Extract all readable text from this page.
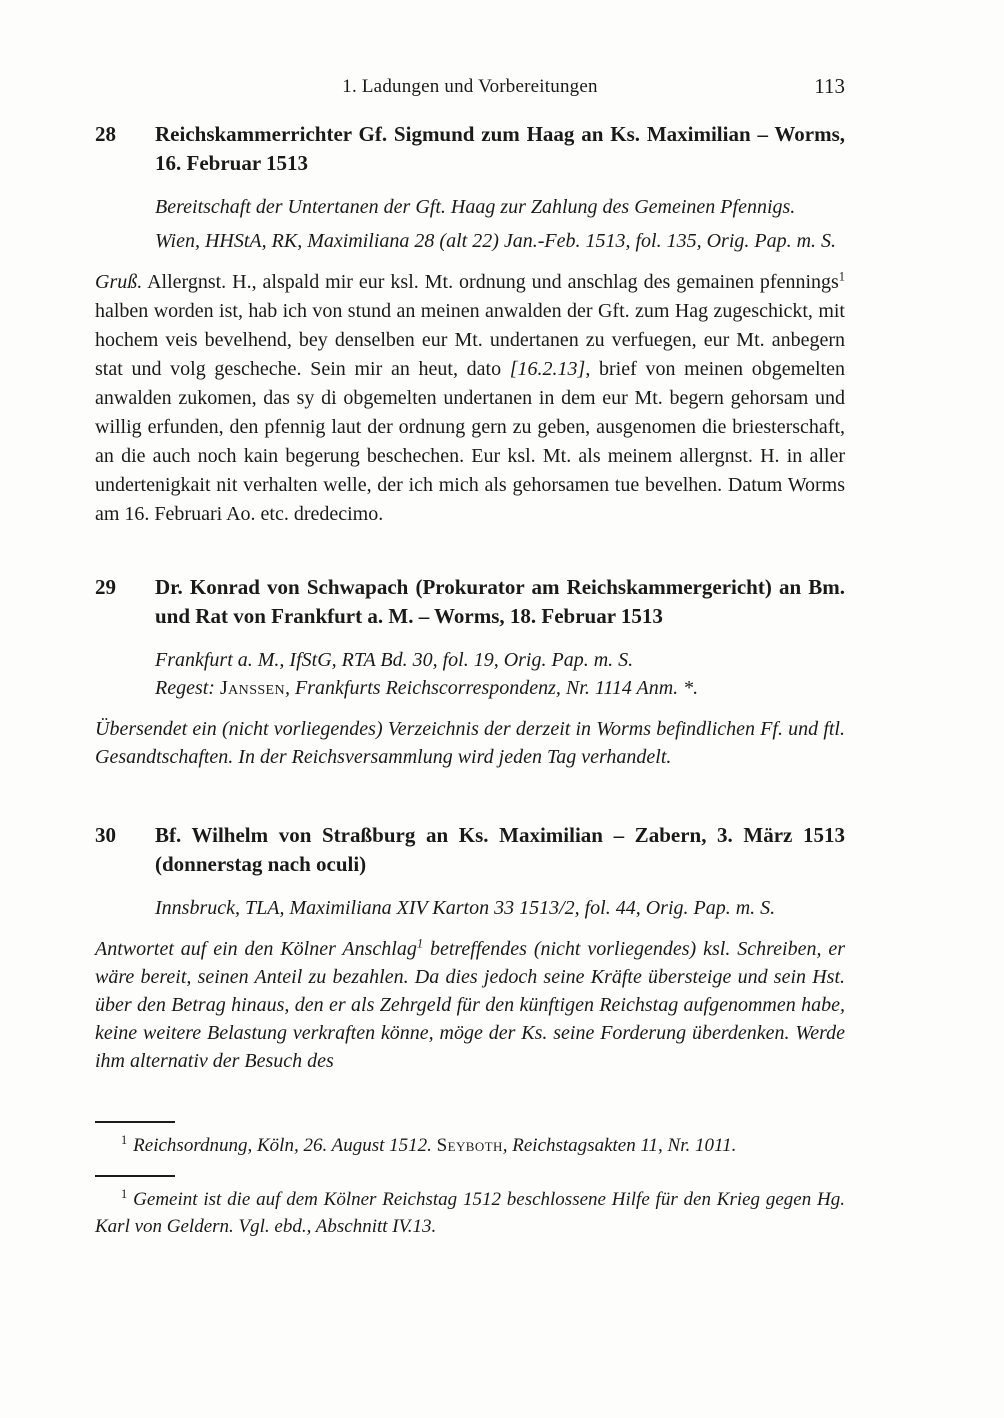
1. Ladungen und Vorbereitungen	113
28	Reichskammerrichter Gf. Sigmund zum Haag an Ks. Maximilian – Worms, 16. Februar 1513

Bereitschaft der Untertanen der Gft. Haag zur Zahlung des Gemeinen Pfennigs.

Wien, HHStA, RK, Maximiliana 28 (alt 22) Jan.-Feb. 1513, fol. 135, Orig. Pap. m. S.

Gruß. Allergnst. H., alspald mir eur ksl. Mt. ordnung und anschlag des gemainen pfennings$^1$ halben worden ist, hab ich von stund an meinen anwalden der Gft. zum Hag zugeschickt, mit hochem veis bevelhend, bey denselben eur Mt. undertanen zu verfuegen, eur Mt. anbegern stat und volg gescheche. Sein mir an heut, dato [16.2.13], brief von meinen obgemelten anwalden zukomen, das sy di obgemelten undertanen in dem eur Mt. begern gehorsam und willig erfunden, den pfennig laut der ordnung gern zu geben, ausgenomen die briesterschaft, an die auch noch kain begerung beschechen. Eur ksl. Mt. als meinem allergnst. H. in aller undertenigkait nit verhalten welle, der ich mich als gehorsamen tue bevelhen. Datum Worms am 16. Februari Ao. etc. dredecimo.

29	Dr. Konrad von Schwapach (Prokurator am Reichskammergericht) an Bm. und Rat von Frankfurt a. M. – Worms, 18. Februar 1513

Frankfurt a. M., IfStG, RTA Bd. 30, fol. 19, Orig. Pap. m. S.

Regest: Janssen, Frankfurts Reichscorrespondenz, Nr. 1114 Anm. *.

Übersendet ein (nicht vorliegendes) Verzeichnis der derzeit in Worms befindlichen Ff. und ftl. Gesandtschaften. In der Reichsversammlung wird jeden Tag verhandelt.

30	Bf. Wilhelm von Straßburg an Ks. Maximilian – Zabern, 3. März 1513 (donnerstag nach oculi)

Innsbruck, TLA, Maximiliana XIV Karton 33 1513/2, fol. 44, Orig. Pap. m. S.

Antwortet auf ein den Kölner Anschlag$^1$ betreffendes (nicht vorliegendes) ksl. Schreiben, er wäre bereit, seinen Anteil zu bezahlen. Da dies jedoch seine Kräfte übersteige und sein Hst. über den Betrag hinaus, den er als Zehrgeld für den künftigen Reichstag aufgenommen habe, keine weitere Belastung verkraften könne, möge der Ks. seine Forderung überdenken. Werde ihm alternativ der Besuch des

$^1$ Reichsordnung, Köln, 26. August 1512. Seyboth, Reichstagsakten 11, Nr. 1011.

$^1$ Gemeint ist die auf dem Kölner Reichstag 1512 beschlossene Hilfe für den Krieg gegen Hg. Karl von Geldern. Vgl. ebd., Abschnitt IV.13.
